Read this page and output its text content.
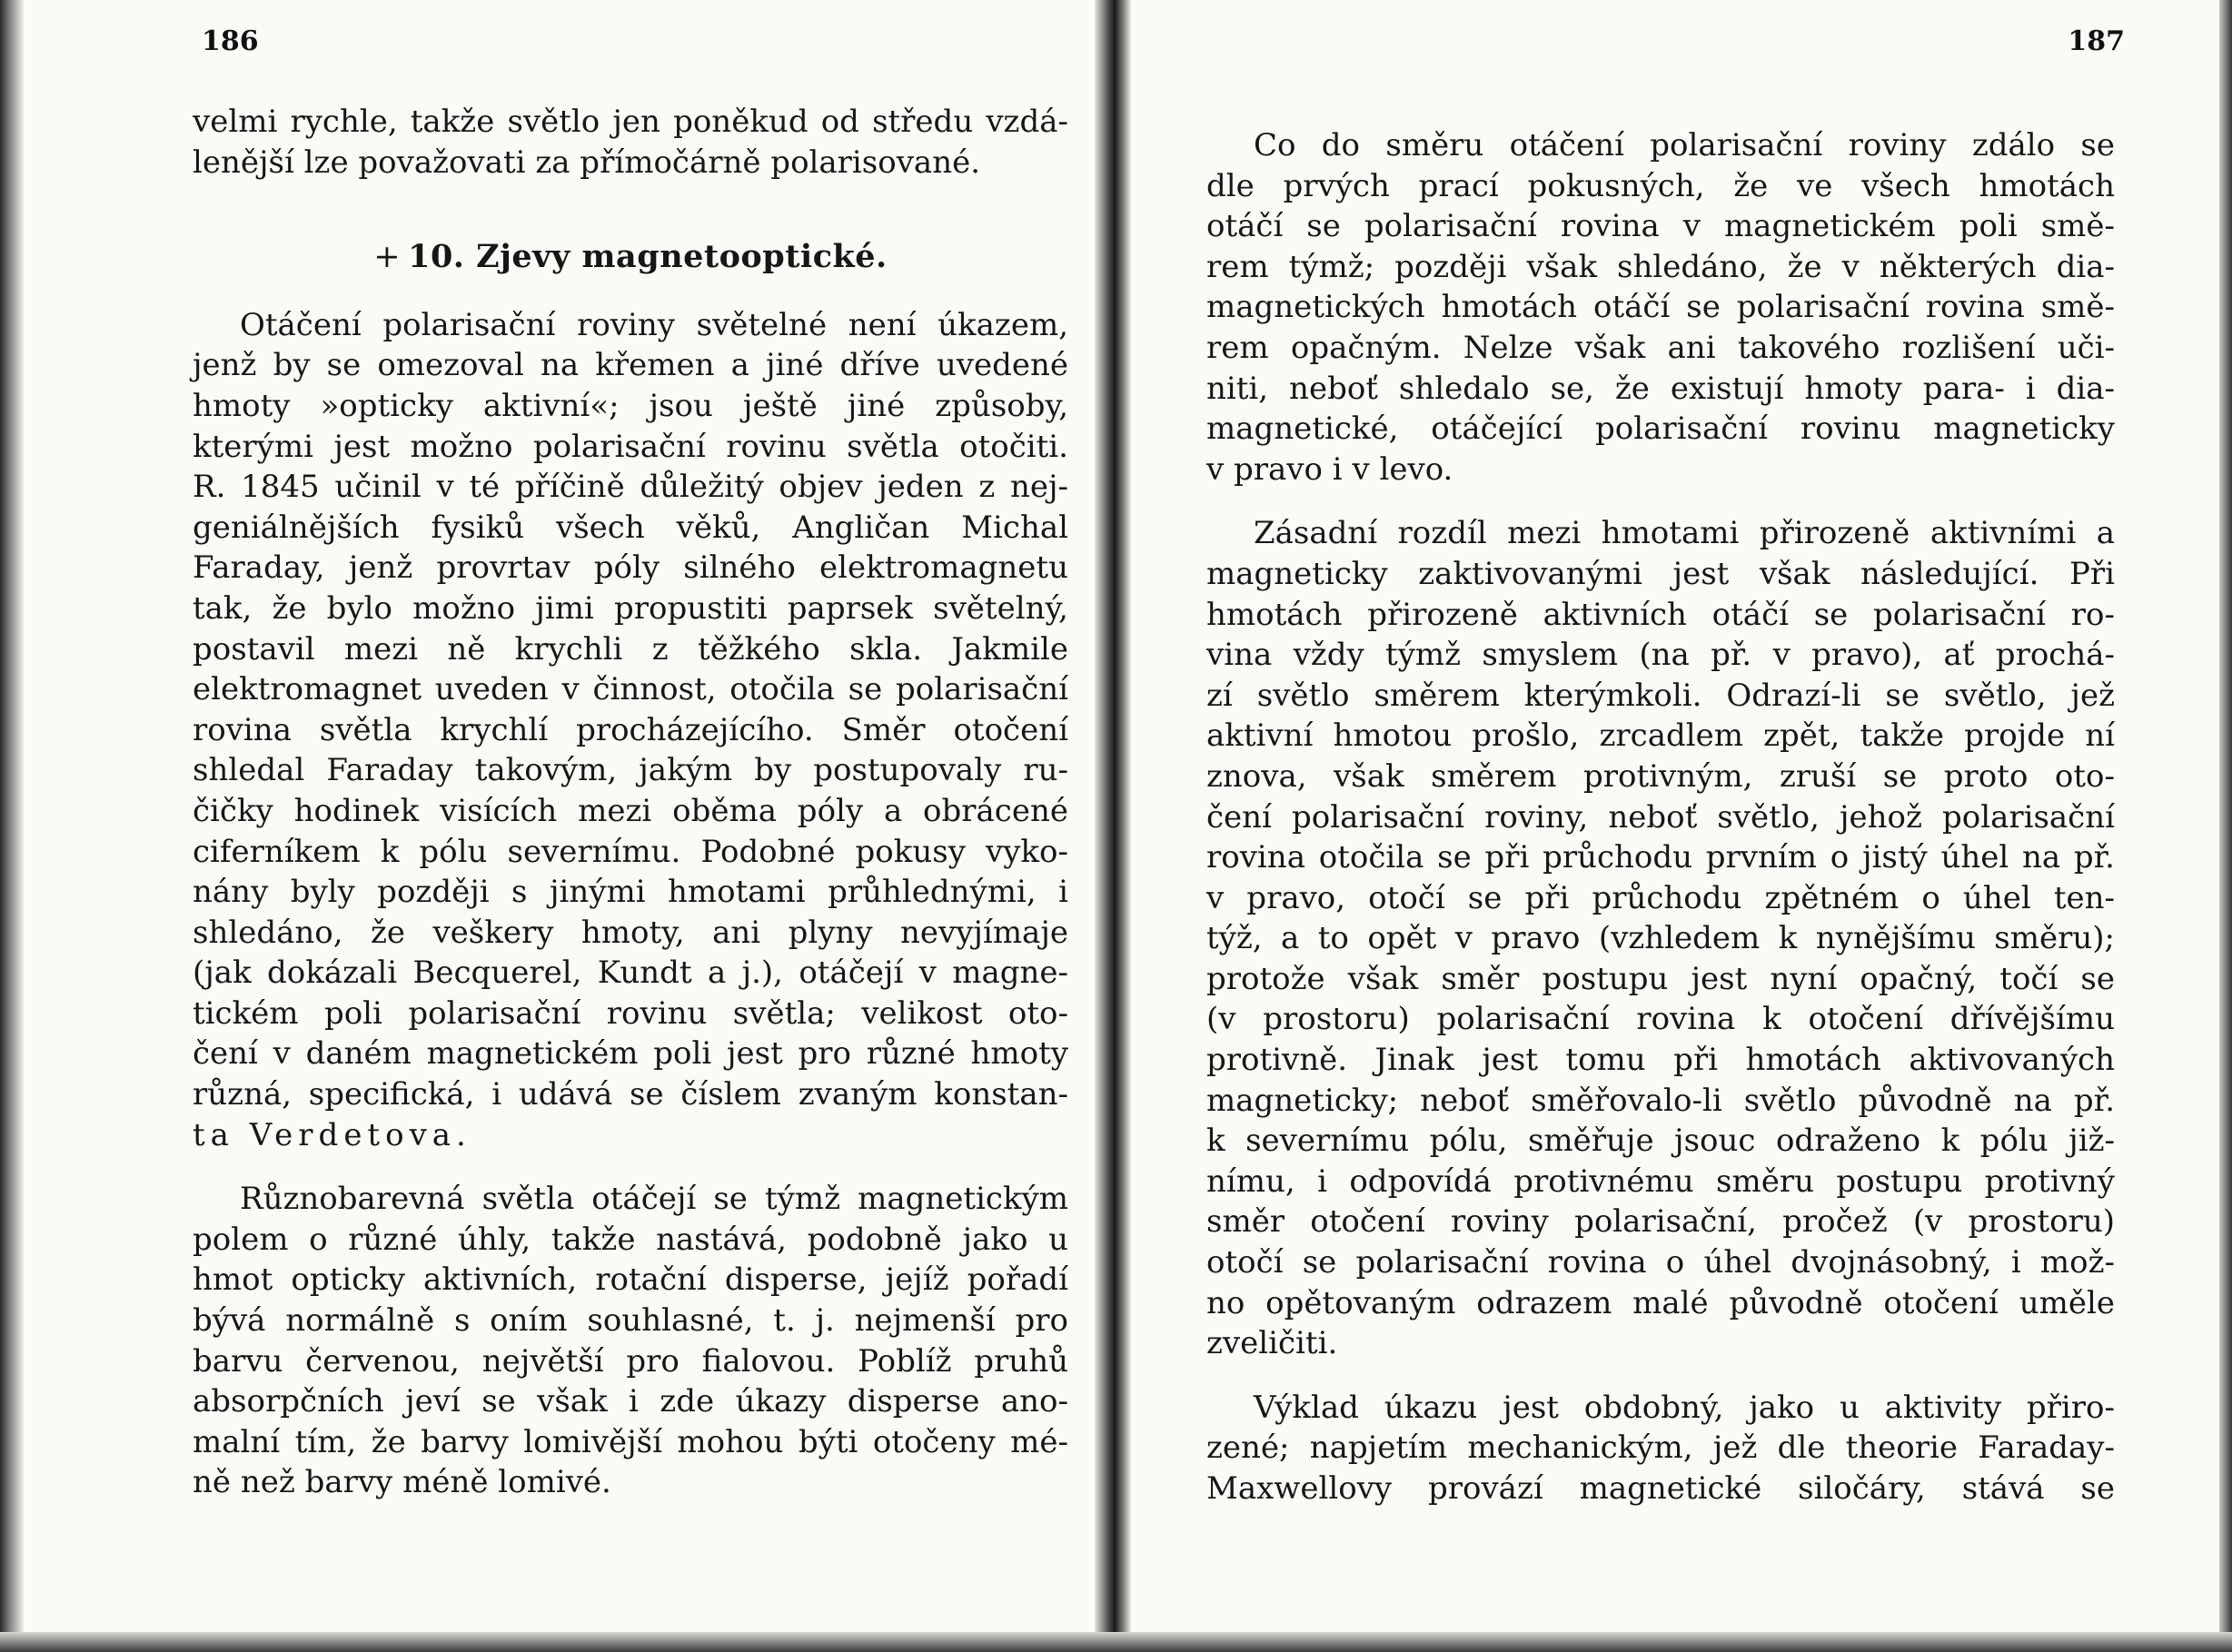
186

velmi rychle, takže světlo jen poněkud od středu vzdá-
lenější lze považovati za přímočárně polarisované.

+ 10. Zjevy magnetooptické.

Otáčení polarisační roviny světelné není úkazem,
jenž by se omezoval na křemen a jiné dříve uvedené
hmoty »opticky aktivní«; jsou ještě jiné způsoby,
kterými jest možno polarisační rovinu světla otočiti.
R. 1845 učinil v té příčině důležitý objev jeden z nej-
geniálnějších fysiků všech věků, Angličan Michal
Faraday, jenž provrtav póly silného elektromagnetu
tak, že bylo možno jimi propustiti paprsek světelný,
postavil mezi ně krychli z těžkého skla. Jakmile
elektromagnet uveden v činnost, otočila se polarisační
rovina světla krychlí procházejícího. Směr otočení
shledal Faraday takovým, jakým by postupovaly ru-
čičky hodinek visících mezi oběma póly a obrácené
ciferníkem k pólu severnímu. Podobné pokusy vyko-
nány byly později s jinými hmotami průhlednými, i
shledáno, že veškery hmoty, ani plyny nevyjímaje
(jak dokázali Becquerel, Kundt a j.), otáčejí v magne-
tickém poli polarisační rovinu světla; velikost oto-
čení v daném magnetickém poli jest pro různé hmoty
různá, specifická, i udává se číslem zvaným konstan-
ta Verdetova.

Různobarevná světla otáčejí se týmž magnetickým
polem o různé úhly, takže nastává, podobně jako u
hmot opticky aktivních, rotační disperse, jejíž pořadí
bývá normálně s oním souhlasné, t. j. nejmenší pro
barvu červenou, největší pro fialovou. Poblíž pruhů
absorpčních jeví se však i zde úkazy disperse ano-
malní tím, že barvy lomivější mohou býti otočeny mé-
ně než barvy méně lomivé.

187

Co do směru otáčení polarisační roviny zdálo se
dle prvých prací pokusných, že ve všech hmotách
otáčí se polarisační rovina v magnetickém poli smě-
rem týmž; později však shledáno, že v některých dia-
magnetických hmotách otáčí se polarisační rovina smě-
rem opačným. Nelze však ani takového rozlišení uči-
niti, neboť shledalo se, že existují hmoty para- i dia-
magnetické, otáčející polarisační rovinu magneticky
v pravo i v levo.

Zásadní rozdíl mezi hmotami přirozeně aktivními a
magneticky zaktivovanými jest však následující. Při
hmotách přirozeně aktivních otáčí se polarisační ro-
vina vždy týmž smyslem (na př. v pravo), ať prochá-
zí světlo směrem kterýmkoli. Odrazí-li se světlo, jež
aktivní hmotou prošlo, zrcadlem zpět, takže projde ní
znova, však směrem protivným, zruší se proto oto-
čení polarisační roviny, neboť světlo, jehož polarisační
rovina otočila se při průchodu prvním o jistý úhel na př.
v pravo, otočí se při průchodu zpětném o úhel ten-
týž, a to opět v pravo (vzhledem k nynějšímu směru);
protože však směr postupu jest nyní opačný, točí se
(v prostoru) polarisační rovina k otočení dřívějšímu
protivně. Jinak jest tomu při hmotách aktivovaných
magneticky; neboť směřovalo-li světlo původně na př.
k severnímu pólu, směřuje jsouc odraženo k pólu již-
nímu, i odpovídá protivnému směru postupu protivný
směr otočení roviny polarisační, pročež (v prostoru)
otočí se polarisační rovina o úhel dvojnásobný, i mož-
no opětovaným odrazem malé původně otočení uměle
zveličiti.

Výklad úkazu jest obdobný, jako u aktivity přiro-
zené; napjetím mechanickým, jež dle theorie Faraday-
Maxwellovy provází magnetické siločáry, stává se
